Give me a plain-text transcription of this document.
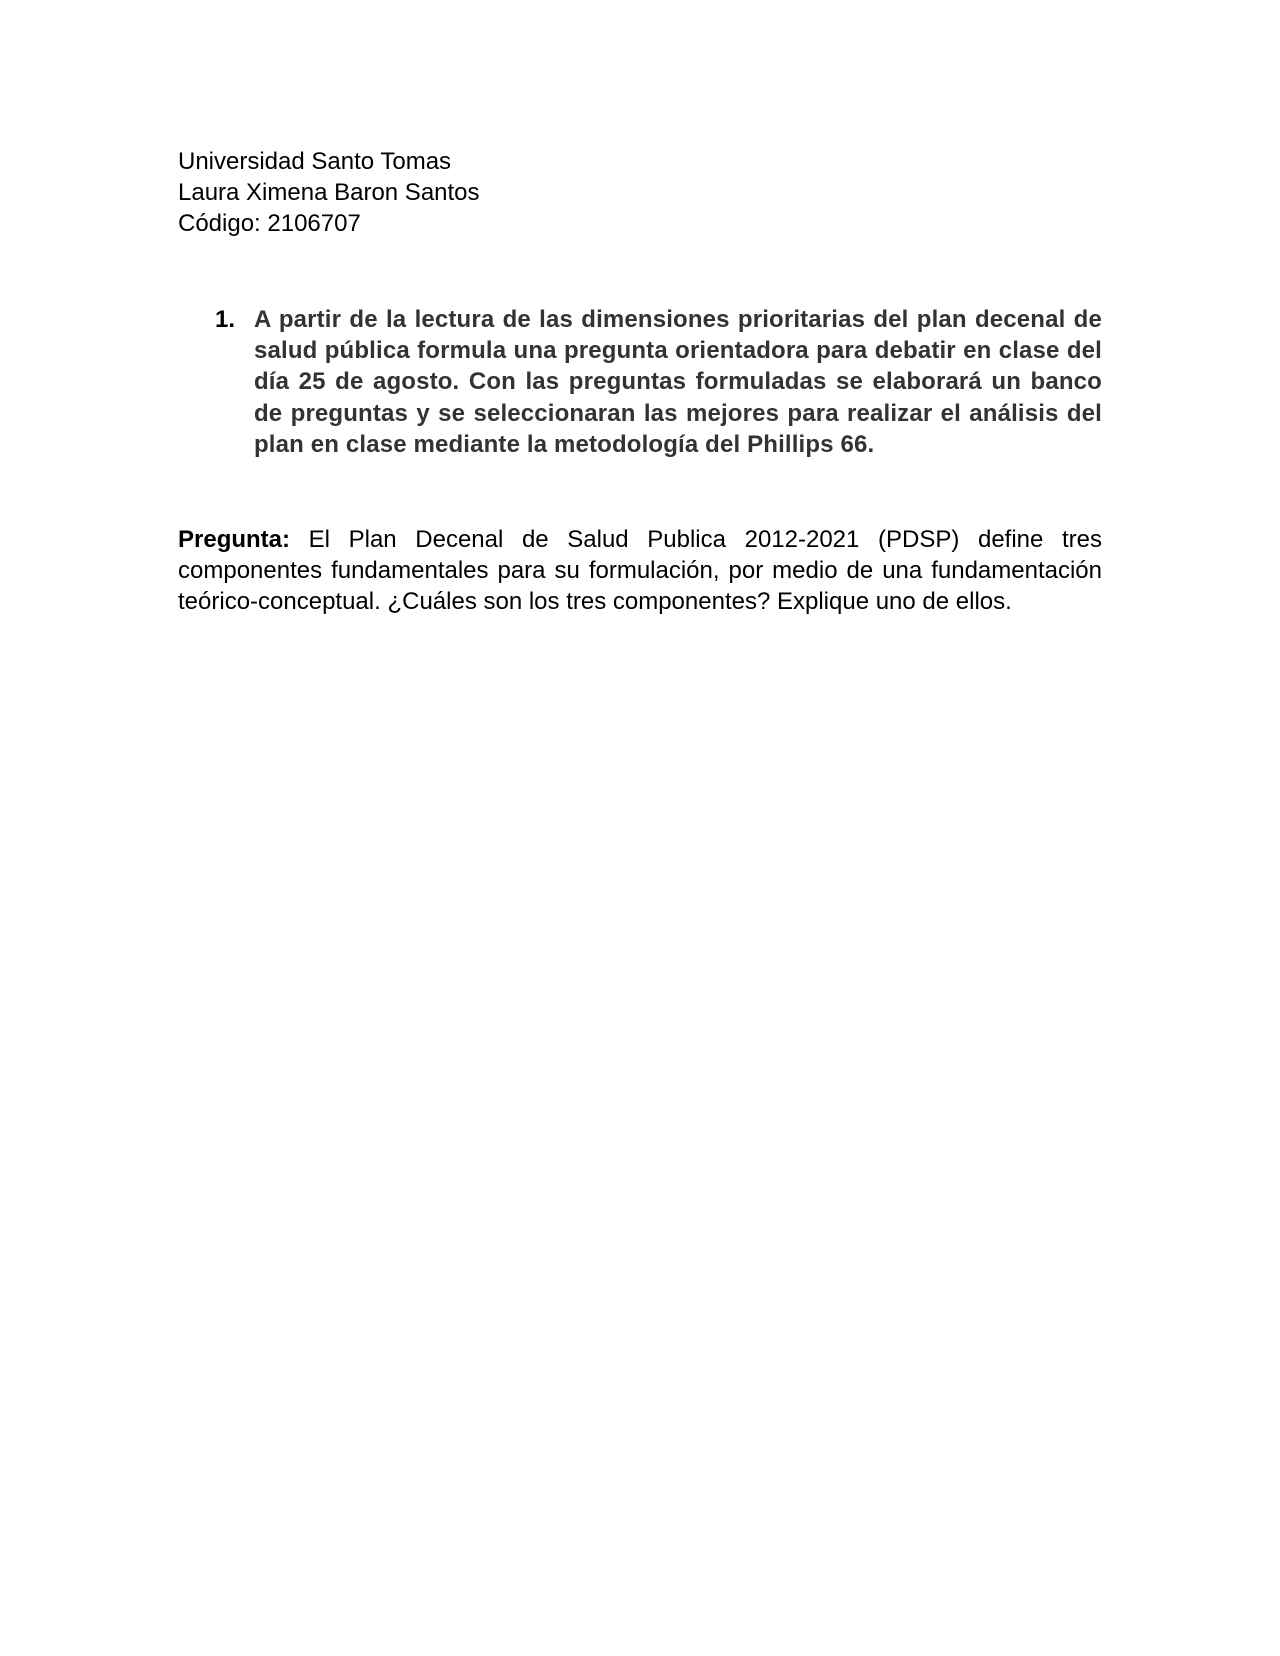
Universidad Santo Tomas
Laura Ximena Baron Santos
Código: 2106707
1. A partir de la lectura de las dimensiones prioritarias del plan decenal de salud pública formula una pregunta orientadora para debatir en clase del día 25 de agosto. Con las preguntas formuladas se elaborará un banco de preguntas y se seleccionaran las mejores para realizar el análisis del plan en clase mediante la metodología del Phillips 66.
Pregunta: El Plan Decenal de Salud Publica 2012-2021 (PDSP) define tres componentes fundamentales para su formulación, por medio de una fundamentación teórico-conceptual. ¿Cuáles son los tres componentes? Explique uno de ellos.
